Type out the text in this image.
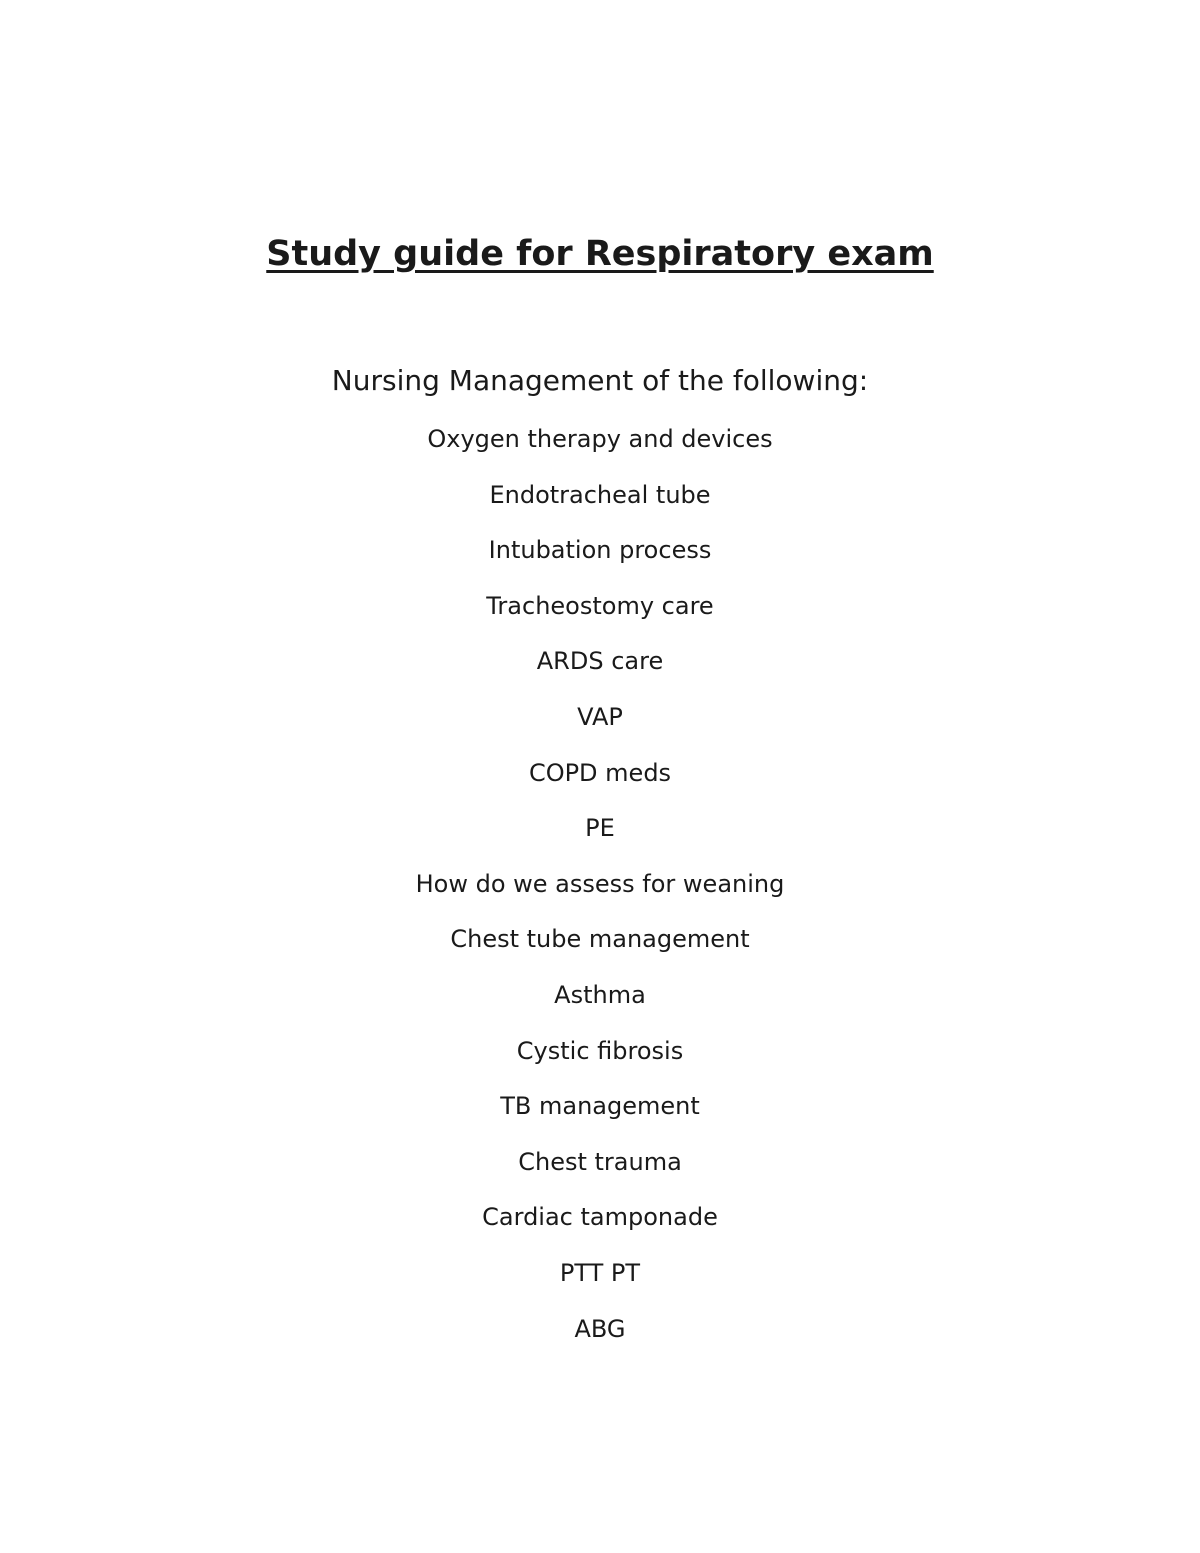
Study guide for Respiratory exam

Nursing Management of the following:

Oxygen therapy and devices
Endotracheal tube
Intubation process
Tracheostomy care
ARDS care
VAP
COPD meds
PE
How do we assess for weaning
Chest tube management
Asthma
Cystic fibrosis
TB management
Chest trauma
Cardiac tamponade
PTT PT
ABG
